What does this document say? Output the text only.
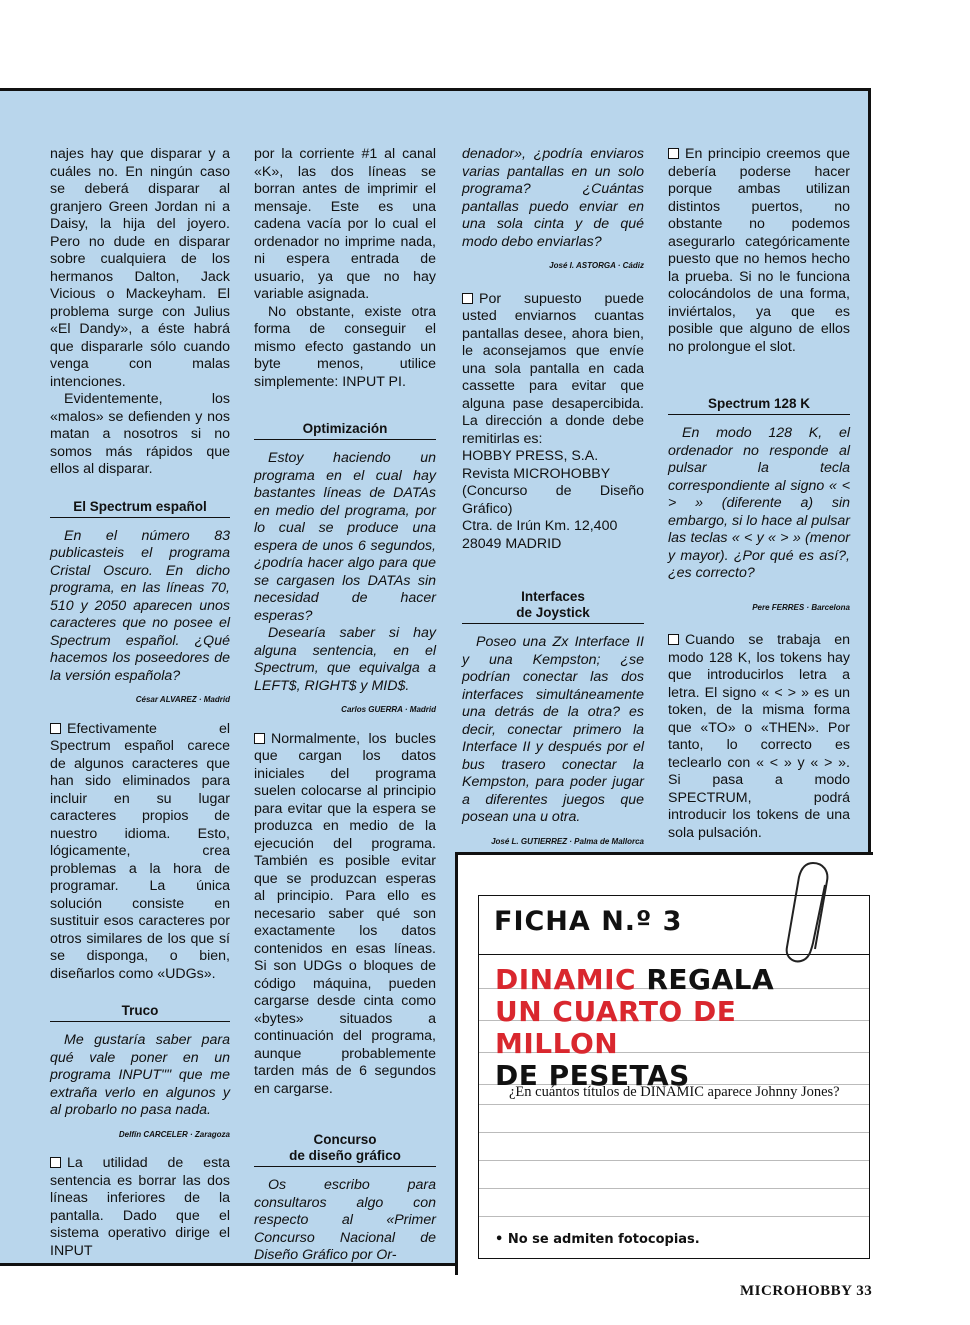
najes hay que disparar y a cuáles no. En ningún caso se deberá disparar al granjero Green Jordan ni a Daisy, la hija del joyero. Pero no dude en disparar sobre cualquiera de los hermanos Dalton, Jack Vicious o Mackeyham. El problema surge con Julius «El Dandy», a éste habrá que dispararle sólo cuando venga con malas intenciones.

Evidentemente, los «malos» se defienden y nos matan a nosotros si no somos más rápidos que ellos al disparar.

El Spectrum español

En el número 83 publicasteis el programa Cristal Oscuro. En dicho programa, en las líneas 70, 510 y 2050 aparecen unos caracteres que no posee el Spectrum español. ¿Qué hacemos los poseedores de la versión española?

César ALVAREZ · Madrid

Efectivamente el Spectrum español carece de algunos caracteres que han sido eliminados para incluir en su lugar caracteres propios de nuestro idioma. Esto, lógicamente, crea problemas a la hora de programar. La única solución consiste en sustituir esos caracteres por otros similares de los que sí se disponga, o bien, diseñarlos como «UDGs».

Truco

Me gustaría saber para qué vale poner en un programa INPUT"" que me extraña verlo en algunos y al probarlo no pasa nada.

Delfín CARCELER · Zaragoza

La utilidad de esta sentencia es borrar las dos líneas inferiores de la pantalla. Dado que el sistema operativo dirige el INPUT

por la corriente #1 al canal «K», las dos líneas se borran antes de imprimir el mensaje. Este es una cadena vacía por lo cual el ordenador no imprime nada, ni espera entrada de usuario, ya que no hay variable asignada.

No obstante, existe otra forma de conseguir el mismo efecto gastando un byte menos, utilice simplemente: INPUT PI.

Optimización

Estoy haciendo un programa en el cual hay bastantes líneas de DATAs en medio del programa, por lo cual se produce una espera de unos 6 segundos, ¿podría hacer algo para que se cargasen los DATAs sin necesidad de hacer esperas?

Desearía saber si hay alguna sentencia, en el Spectrum, que equivalga a LEFT$, RIGHT$ y MID$.

Carlos GUERRA · Madrid

Normalmente, los bucles que cargan los datos iniciales del programa suelen colocarse al principio para evitar que la espera se produzca en medio de la ejecución del programa. También es posible evitar que se produzcan esperas al principio. Para ello es necesario saber qué son exactamente los datos contenidos en esas líneas. Si son UDGs o bloques de código máquina, pueden cargarse desde cinta como «bytes» situados a continuación del programa, aunque probablemente tarden más de 6 segundos en cargarse.

Concurso
de diseño gráfico

Os escribo para consultaros algo con respecto al «Primer Concurso Nacional de Diseño Gráfico por Or-

denador», ¿podría enviaros varias pantallas en un solo programa? ¿Cuántas pantallas puedo enviar en una sola cinta y de qué modo debo enviarlas?

José I. ASTORGA · Cádiz

Por supuesto puede usted enviarnos cuantas pantallas desee, ahora bien, le aconsejamos que envíe una sola pantalla en cada cassette para evitar que alguna pase desapercibida. La dirección a donde debe remitirlas es:

HOBBY PRESS, S.A.

Revista MICROHOBBY

(Concurso de Diseño Gráfico)

Ctra. de Irún Km. 12,400

28049 MADRID

Interfaces
de Joystick

Poseo una Zx Interface II y una Kempston; ¿se podrían conectar las dos interfaces simultáneamente una detrás de la otra? es decir, conectar primero la Interface II y después por el bus trasero conectar la Kempston, para poder jugar a diferentes juegos que posean una u otra.

José L. GUTIERREZ · Palma de Mallorca

En principio creemos que debería poderse hacer porque ambas utilizan distintos puertos, no obstante no podemos asegurarlo categóricamente puesto que no hemos hecho la prueba. Si no le funciona colocándolos de una forma, inviértalos, ya que es posible que alguno de ellos no prolongue el slot.

Spectrum 128 K

En modo 128 K, el ordenador no responde al pulsar la tecla correspondiente al signo « < > » (diferente a) sin embargo, si lo hace al pulsar las teclas « < y « > » (menor y mayor). ¿Por qué es así?, ¿es correcto?

Pere FERRES · Barcelona

Cuando se trabaja en modo 128 K, los tokens hay que introducirlos letra a letra. El signo « < > » es un token, de la misma forma que «TO» o «THEN». Por tanto, lo correcto es teclearlo con « < » y « > ». Si pasa a modo SPECTRUM, podrá introducir los tokens de una sola pulsación.

FICHA N.º 3
DINAMIC REGALA
UN CUARTO DE MILLON
DE PESETAS
¿En cuántos títulos de DINAMIC aparece Johnny Jones?
• No se admiten fotocopias.
MICROHOBBY 33
